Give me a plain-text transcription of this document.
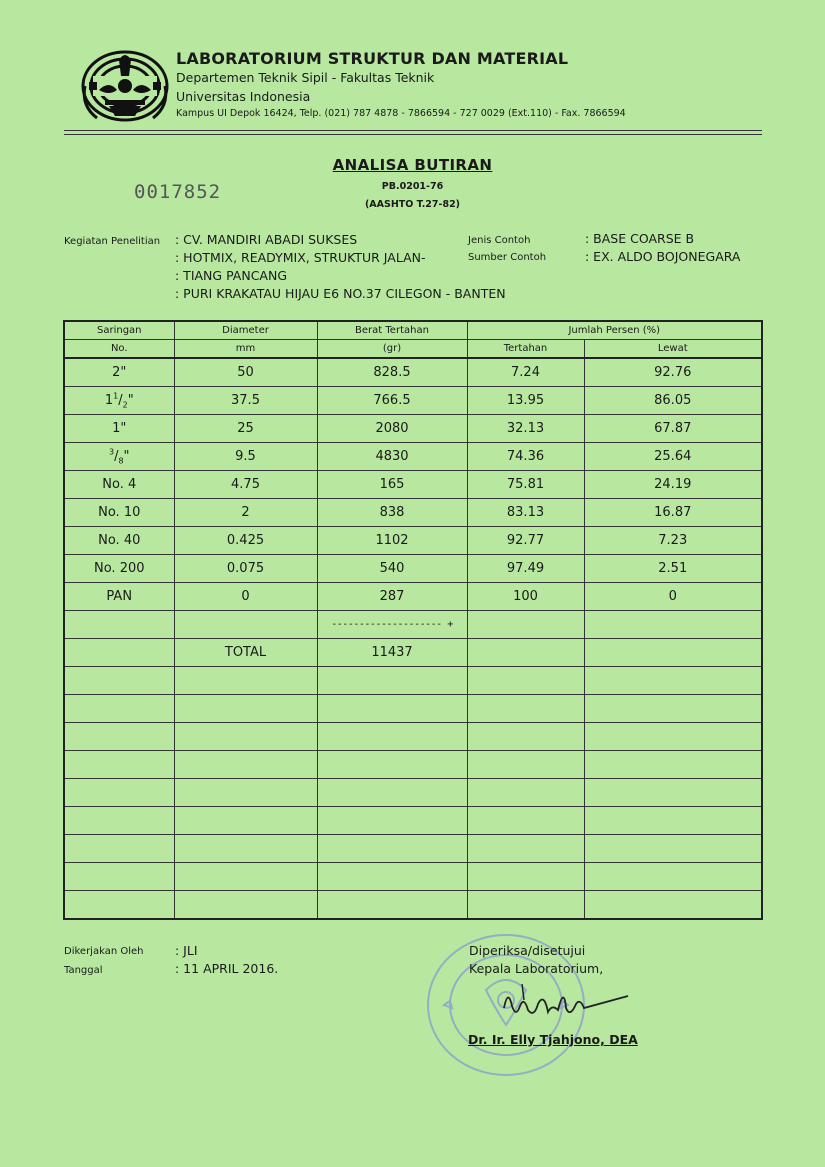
LABORATORIUM STRUKTUR DAN MATERIAL
Departemen Teknik Sipil - Fakultas Teknik
Universitas Indonesia
Kampus UI Depok 16424, Telp. (021) 787 4878 - 7866594 - 727 0029 (Ext.110) - Fax. 7866594
ANALISA BUTIRAN
PB.0201-76
(AASHTO T.27-82)
0017852
Kegiatan Penelitian : CV. MANDIRI ABADI SUKSES
: HOTMIX, READYMIX, STRUKTUR JALAN-
: TIANG PANCANG
: PURI KRAKATAU HIJAU E6 NO.37 CILEGON - BANTEN
Jenis Contoh	: BASE COARSE B
Sumber Contoh	: EX. ALDO BOJONEGARA
Saringan	Diameter	Berat Tertahan	Jumlah Persen (%)	
No.	mm	(gr)	Tertahan	Lewat
2"	50	828.5	7.24	92.76
$1^1/_2$"	37.5	766.5	13.95	86.05
1"	25	2080	32.13	67.87
$^3/_8$"	9.5	4830	74.36	25.64
No. 4	4.75	165	75.81	24.19
No. 10	2	838	83.13	16.87
No. 40	0.425	1102	92.77	7.23
No. 200	0.075	540	97.49	2.51
PAN	0	287	100	0
		-------------------- +		
	TOTAL	11437		

Dikerjakan Oleh	: JLI
Tanggal	: 11 APRIL 2016.
Diperiksa/disetujui
Kepala Laboratorium,
Dr. Ir. Elly Tjahjono, DEA
